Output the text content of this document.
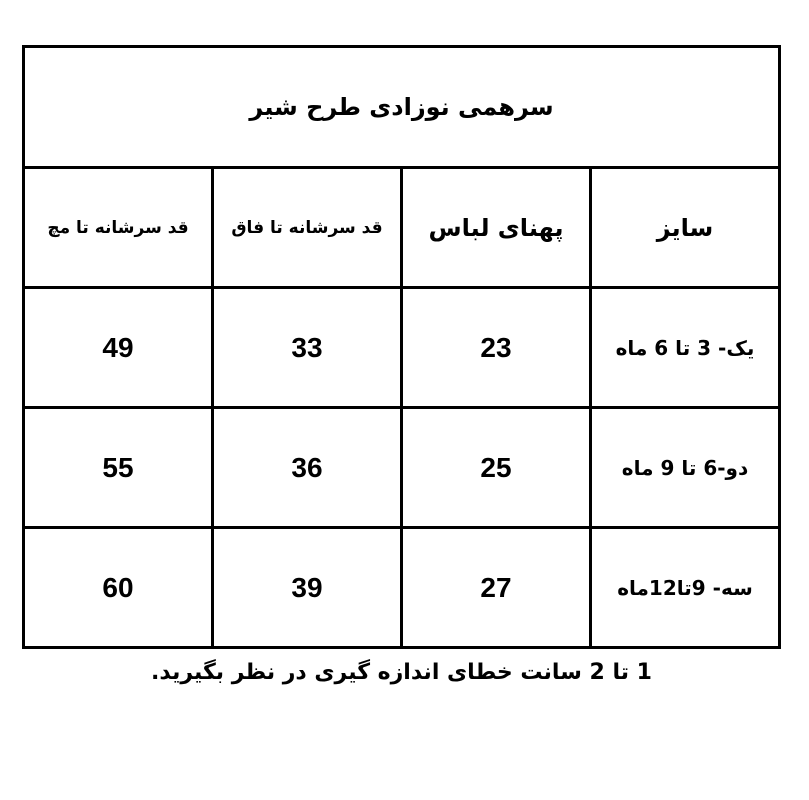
سرهمی نوزادی طرح شیر			
سایز	پهنای لباس	قد سرشانه تا فاق	قد سرشانه تا مچ
یک- 3 تا 6 ماه	23	33	49
دو-6 تا 9 ماه	25	36	55
سه- 9تا12ماه	27	39	60
1 تا 2 سانت خطای اندازه گیری در نظر بگیرید.
